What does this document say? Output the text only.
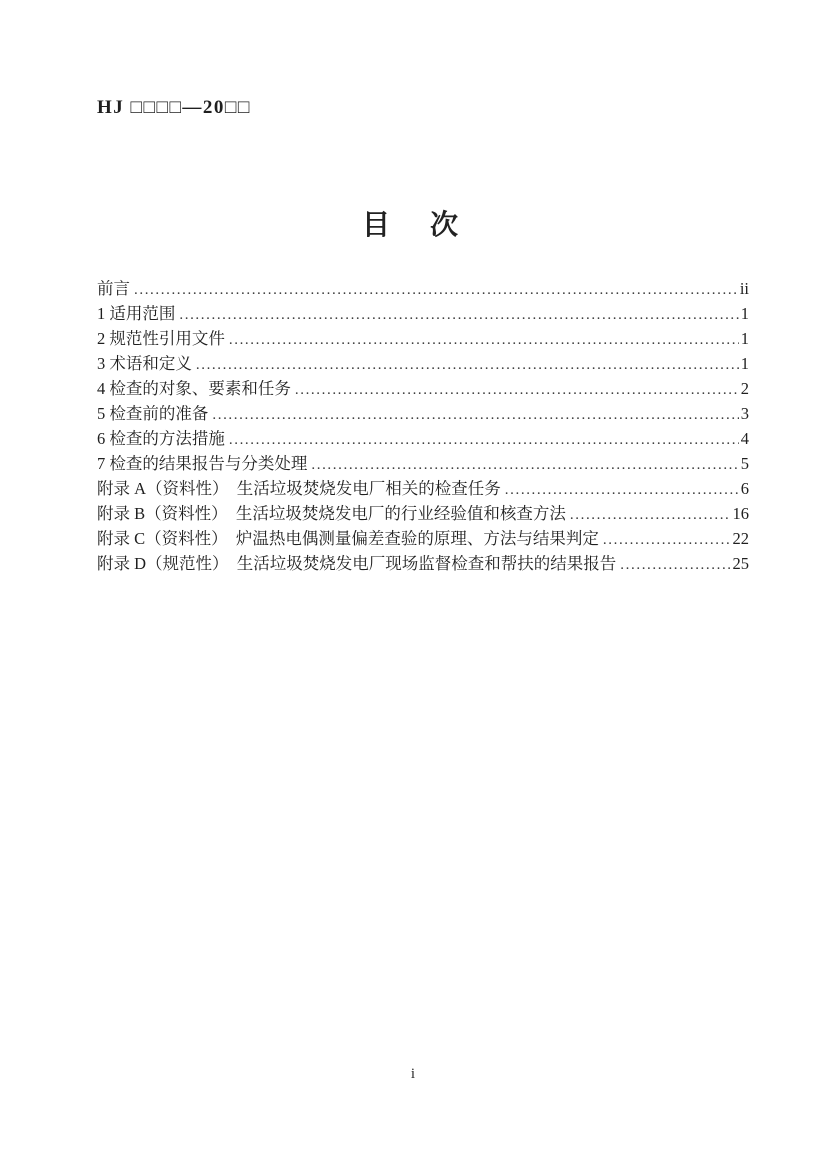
HJ □□□□—20□□
目　次
前言 .....	ii
1 适用范围 .....	1
2 规范性引用文件 .....	1
3 术语和定义 .....	1
4 检查的对象、要素和任务 .....	2
5 检查前的准备 .....	3
6 检查的方法措施 .....	4
7 检查的结果报告与分类处理 .....	5
附录 A（资料性）　生活垃圾焚烧发电厂相关的检查任务 .....	6
附录 B（资料性）　生活垃圾焚烧发电厂的行业经验值和核查方法 .....	16
附录 C（资料性）　炉温热电偶测量偏差查验的原理、方法与结果判定 .....	22
附录 D（规范性）　生活垃圾焚烧发电厂现场监督检查和帮扶的结果报告 .....	25
i
